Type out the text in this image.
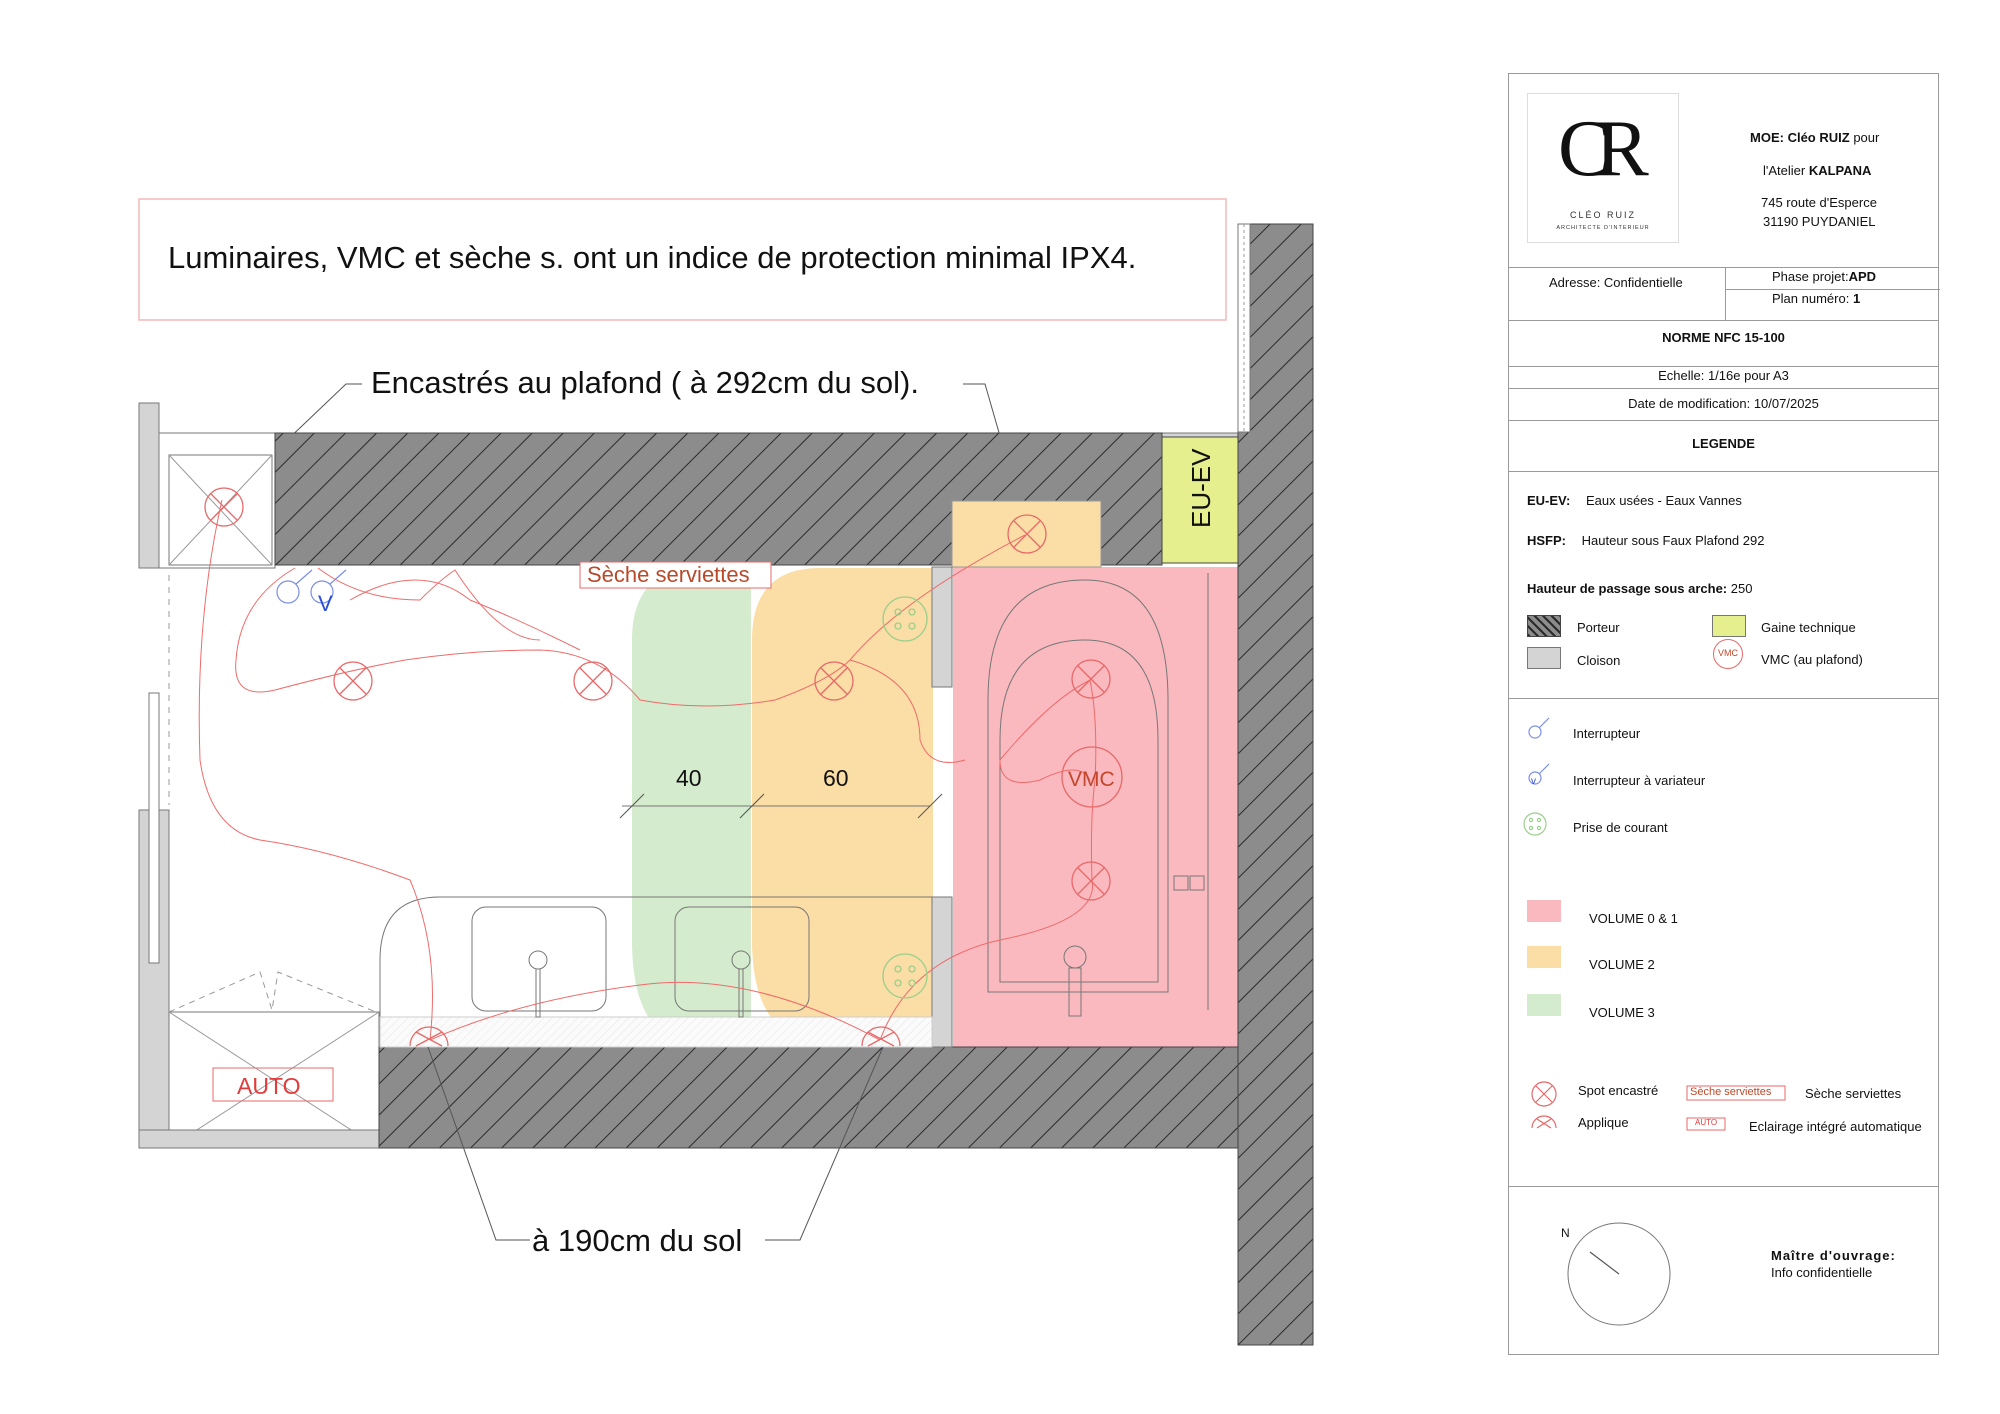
Luminaires, VMC et sèche s. ont un indice de protection minimal IPX4.
Encastrés au plafond ( à 292cm du sol).
EU-EV
40	60
à 190cm du sol
VMC
V
Sèche serviettes
AUTO
CR
CLÉO RUIZ
ARCHITECTE D'INTERIEUR
MOE: Cléo RUIZ pour
l'Atelier KALPANA
745 route d'Esperce
31190 PUYDANIEL
Adresse: Confidentielle	Phase projet:APD
Plan numéro: 1
NORME NFC 15-100
Echelle: 1/16e pour A3
Date de modification: 10/07/2025
LEGENDE
EU-EV: Eaux usées - Eaux Vannes
HSFP: Hauteur sous Faux Plafond 292
Hauteur de passage sous arche: 250
Porteur
Cloison
Gaine technique
VMC VMC (au plafond)
v
Interrupteur
Interrupteur à variateur
Prise de courant
VOLUME 0 & 1
VOLUME 2
VOLUME 3
Spot encastré
Applique
Sèche serviettes	Sèche serviettes
AUTO Eclairage intégré automatique
N
Maître d'ouvrage:
Info confidentielle
